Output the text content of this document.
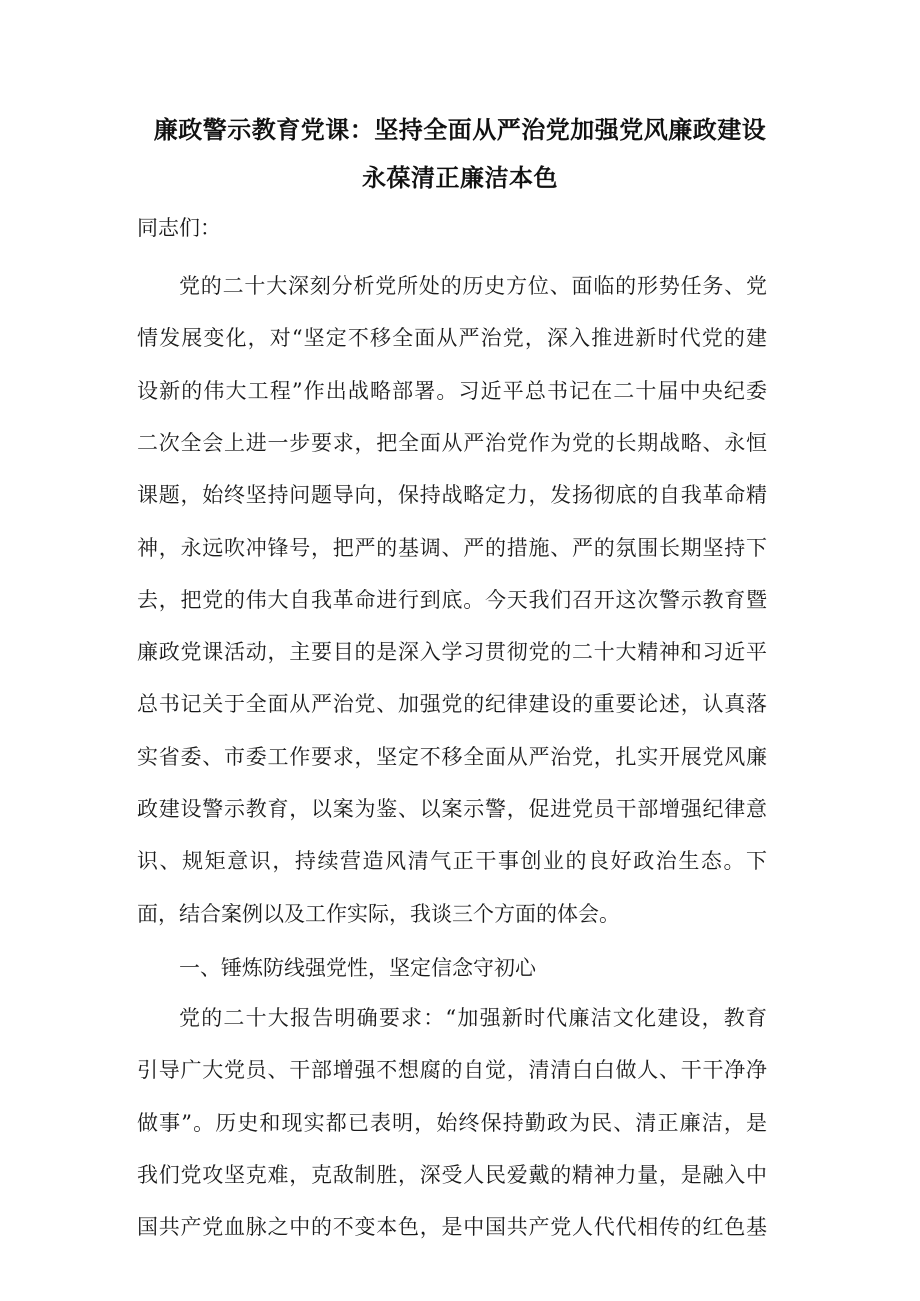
廉政警示教育党课：坚持全面从严治党加强党风廉政建设
永葆清正廉洁本色
同志们：
党的二十大深刻分析党所处的历史方位、面临的形势任务、党
情发展变化，对“坚定不移全面从严治党，深入推进新时代党的建
设新的伟大工程”作出战略部署。习近平总书记在二十届中央纪委
二次全会上进一步要求，把全面从严治党作为党的长期战略、永恒
课题，始终坚持问题导向，保持战略定力，发扬彻底的自我革命精
神，永远吹冲锋号，把严的基调、严的措施、严的氛围长期坚持下
去，把党的伟大自我革命进行到底。今天我们召开这次警示教育暨
廉政党课活动，主要目的是深入学习贯彻党的二十大精神和习近平
总书记关于全面从严治党、加强党的纪律建设的重要论述，认真落
实省委、市委工作要求，坚定不移全面从严治党，扎实开展党风廉
政建设警示教育，以案为鉴、以案示警，促进党员干部增强纪律意
识、规矩意识，持续营造风清气正干事创业的良好政治生态。下
面，结合案例以及工作实际，我谈三个方面的体会。
一、锤炼防线强党性，坚定信念守初心
党的二十大报告明确要求：“加强新时代廉洁文化建设，教育
引导广大党员、干部增强不想腐的自觉，清清白白做人、干干净净
做事”。历史和现实都已表明，始终保持勤政为民、清正廉洁，是
我们党攻坚克难，克敌制胜，深受人民爱戴的精神力量，是融入中
国共产党血脉之中的不变本色，是中国共产党人代代相传的红色基
